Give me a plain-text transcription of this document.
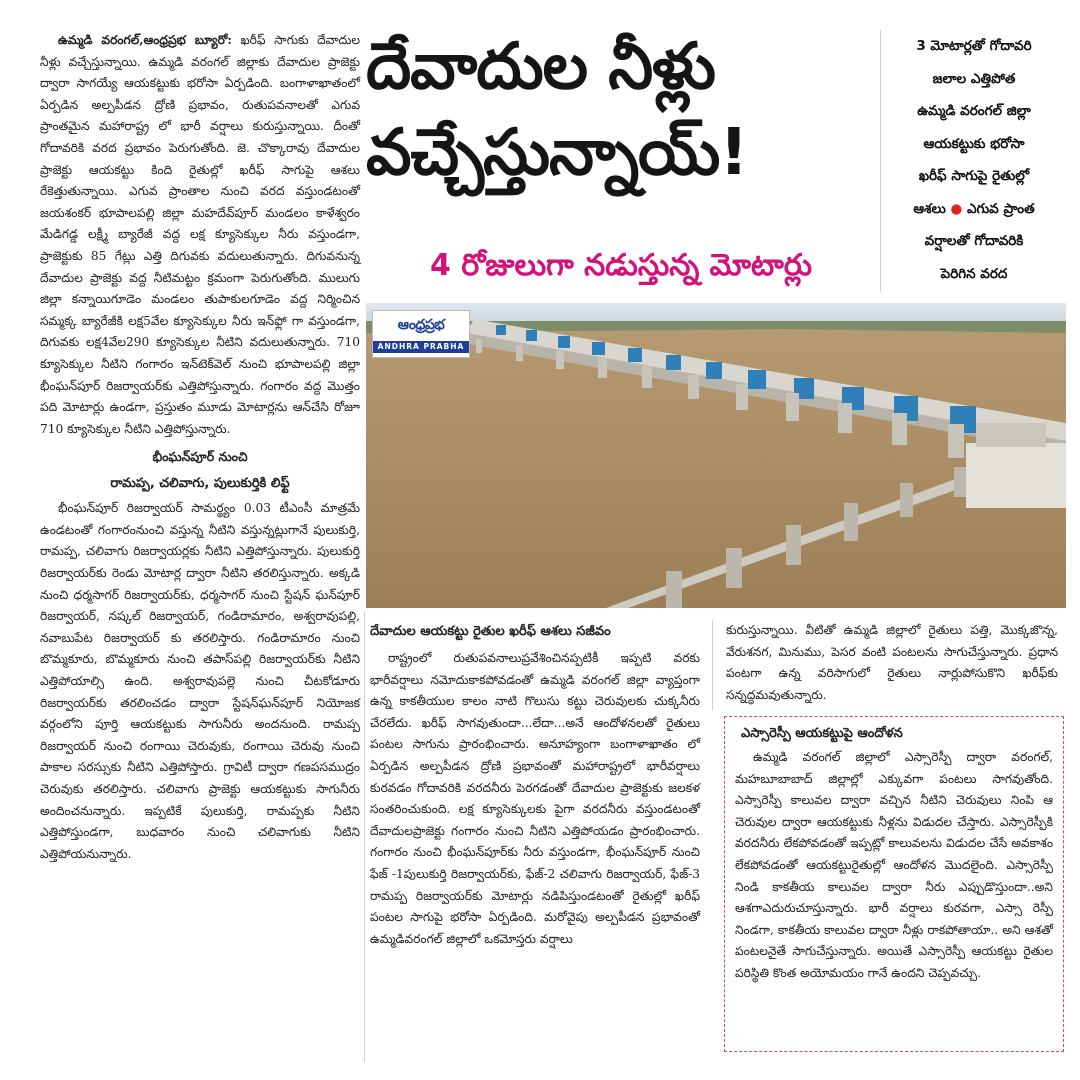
ఉమ్మడి వరంగల్,ఆంధ్రప్రభ బ్యూరో: ఖరీఫ్ సాగుకు దేవాదుల నీళ్లు వచ్చేస్తున్నాయి. ఉమ్మడి వరంగల్ జిల్లాకు దేవాదుల ప్రాజెక్టు ద్వారా సాగయ్యే ఆయకట్టుకు భరోసా ఏర్పడింది. బంగాళాఖాతంలో ఏర్పడిన అల్పపీడన ద్రోణి ప్రభావం, రుతుపవనాలతో ఎగువ ప్రాంతమైన మహారాష్ట్ర లో భారీ వర్షాలు కురుస్తున్నాయి. దీంతో గోదావరికి వరద ప్రభావం పెరుగుతోంది. జె. చొక్కారావు దేవాదుల ప్రాజెక్టు ఆయకట్టు కింది రైతుల్లో ఖరీఫ్ సాగుపై ఆశలు రేకెత్తుతున్నాయి. ఎగువ ప్రాంతాల నుంచి వరద వస్తుండటంతో జయశంకర్ భూపాలపల్లి జిల్లా మహదేవ్‌పూర్ మండలం కాళేశ్వరం మేడిగడ్డ లక్ష్మీ బ్యారేజీ వద్ద లక్ష క్యూసెక్కుల నీరు వస్తుండగా, ప్రాజెక్టుకు 85 గేట్లు ఎత్తి దిగువకు వదులుతున్నారు. దిగువనున్న దేవాదుల ప్రాజెక్టు వద్ద నీటిమట్టం క్రమంగా పెరుగుతోంది. ములుగు జిల్లా కన్నాయిగూడెం మండలం తుపాకులగూడెం వద్ద నిర్మించిన సమ్మక్క బ్యారేజీకి లక్ష5వేల క్యూసెక్కుల నీరు ఇన్‌ఫ్లో గా వస్తుండగా, దిగువకు లక్ష4వేల290 క్యూసెక్కుల నీటిని వదులుతున్నారు. 710 క్యూసెక్కుల నీటిని గంగారం ఇన్‌టెక్‌వెల్ నుంచి భూపాలపల్లి జిల్లా భీంఘన్‌పూర్ రిజర్వాయర్‌కు ఎత్తిపోస్తున్నారు. గంగారం వద్ద మొత్తం పది మోటార్లు ఉండగా, ప్రస్తుతం మూడు మోటార్లను ఆన్‌చేసి రోజూ 710 క్యూసెక్కుల నీటిని ఎత్తిపోస్తున్నారు.

భీంఘన్‌పూర్ నుంచి

రామప్ప, చలివాగు, పులుకుర్తికి లిఫ్ట్

భీంఘన్‌పూర్ రిజర్వాయర్ సామర్థ్యం 0.03 టీఎంసీ మాత్రమే ఉండటంతో గంగారంనుంచి వస్తున్న నీటిని వస్తున్నట్లుగానే పులుకుర్తి, రామప్ప, చలివాగు రిజర్వాయర్లకు నీటిని ఎత్తిపోస్తున్నారు. పులుకుర్తి రిజర్వాయర్‌కు రెండు మోటార్ల ద్వారా నీటిని తరలిస్తున్నారు. అక్కడి నుంచి ధర్మసాగర్ రిజర్వాయర్‌కు, ధర్మసాగర్ నుంచి స్టేషన్ ఘన్‌పూర్ రిజర్వాయర్, నష్కల్ రిజర్వాయర్, గండిరామారం, అశ్వరావుపల్లి, నవాబుపేట రిజర్వాయర్ కు తరలిస్తారు. గండిరామారం నుంచి బొమ్మకూరు, బొమ్మకూరు నుంచి తపాస్‌పల్లి రిజర్వాయర్‌కు నీటిని ఎత్తిపోయాల్సి ఉంది. అశ్వరావుపల్లె నుంచి చీటకోడూరు రిజర్వాయర్‌కు తరలించడం ద్వారా స్టేషన్‌ఘన్‌పూర్ నియోజక వర్గంలోని పూర్తి ఆయకట్టుకు సాగునీరు అందనుంది. రామప్ప రిజర్వాయర్ నుంచి రంగాయి చెరువుకు, రంగాయి చెరువు నుంచి పాకాల సరస్సుకు నీటిని ఎత్తిపోస్తారు. గ్రావిటీ ద్వారా గణపసముద్రం చెరువుకు తరలిస్తారు. చలివాగు ప్రాజెక్టు ఆయకట్టుకు సాగునీరు అందించనున్నారు. ఇప్పటికే పులుకుర్తి, రామప్పకు నీటిని ఎత్తిపోస్తుండగా, బుధవారం నుంచి చలివాగుకు నీటిని ఎత్తిపోయనున్నారు.

దేవాదుల నీళ్లు
వచ్చేస్తున్నాయ్!
4 రోజులుగా నడుస్తున్న మోటార్లు
3 మోటార్లతో గోదావరి
జలాల ఎత్తిపోత
ఉమ్మడి వరంగల్ జిల్లా
ఆయకట్టుకు భరోసా
ఖరీఫ్ సాగుపై రైతుల్లో
ఆశలు ● ఎగువ ప్రాంత
వర్షాలతో గోదావరికి
పెరిగిన వరద
ఆంధ్రప్రభ
ANDHRA PRABHA

దేవాదుల ఆయకట్టు రైతుల ఖరీఫ్ ఆశలు సజీవం

రాష్ట్రంలో రుతుపవనాలుప్రవేశించినప్పటికీ ఇప్పటి వరకు భారీవర్షాలు నమోదుకాకపోవడంతో ఉమ్మడి వరంగల్ జిల్లా వ్యాప్తంగా ఉన్న కాకతీయుల కాలం నాటి గొలుసు కట్టు చెరువులకు చుక్కనీరు చేరలేదు. ఖరీఫ్ సాగవుతుందా...లేదా...అనే ఆందోళనలతో రైతులు పంటల సాగును ప్రారంభించారు. అనూహ్యంగా బంగాళాఖాతం లో ఏర్పడిన అల్పపీడన ద్రోణి ప్రభావంతో మహారాష్ట్రలో భారీవర్షాలు కురవడం గోదావరికి వరదనీరు పెరగడంతో దేవాదుల ప్రాజెక్టుకు జలకళ సంతరించుకుంది. లక్ష క్యూసెక్కులకు పైగా వరదనీరు వస్తుండటంతో దేవాదులప్రాజెక్టు గంగారం నుంచి నీటిని ఎత్తిపోయడం ప్రారంభించారు. గంగారం నుంచి భీంఘన్‌పూర్‌కు నీరు వస్తుండగా, భీంఘన్‌పూర్ నుంచి ఫేజ్ -1పులుకుర్తి రిజర్వాయర్‌కు, ఫేజ్-2 చలివాగు రిజర్వాయర్, ఫేజ్-3 రామప్ప రిజర్వాయర్‌కు మోటార్లు నడిపిస్తుండటంతో రైతుల్లో ఖరీఫ్ పంటల సాగుపై భరోసా ఏర్పడింది. మరోవైపు అల్పపీడన ప్రభావంతో ఉమ్మడివరంగల్ జిల్లాలో ఒకమోస్తరు వర్షాలు

కురుస్తున్నాయి. వీటితో ఉమ్మడి జిల్లాలో రైతులు పత్తి, మొక్కజొన్న, వేరుశనగ, మినుము, పెసర వంటి పంటలను సాగుచేస్తున్నారు. ప్రధాన పంటగా ఉన్న వరిసాగులో రైతులు నార్లుపోసుకొని ఖరీఫ్‌కు సన్నద్ధమవుతున్నారు.

ఎస్సారెస్పీ ఆయకట్టుపై ఆందోళన

ఉమ్మడి వరంగల్ జిల్లాలో ఎస్సారెస్పీ ద్వారా వరంగల్, మహబూబాబాద్ జిల్లాల్లో ఎక్కువగా పంటలు సాగవుతోంది. ఎస్సారెస్పీ కాలువల ద్వారా వచ్చిన నీటిని చెరువులు నింపి ఆ చెరువుల ద్వారా ఆయకట్టుకు నీళ్లను విడుదల చేస్తారు. ఎస్సారెస్పీకి వరదనీరు లేకపోవడంతో ఇప్పట్లో కాలువలను విడుదల చేసే అవకాశం లేకపోవడంతో ఆయకట్టురైతుల్లో ఆందోళన మొదలైంది. ఎస్సారెస్పీ నిండి కాకతీయ కాలువల ద్వారా నీరు ఎప్పుడొస్తుందా..అని ఆశగాఎదురుచూస్తున్నారు. భారీ వర్షాలు కురవగా, ఎస్సా రెస్పీ నిండగా, కాకతీయ కాలువల ద్వారా నీళ్లు రాకపోతాయా.. అని ఆశతో పంటలనైతే సాగుచేస్తున్నారు. అయితే ఎస్సారెస్పీ ఆయకట్టు రైతుల పరిస్థితి కొంత అయోమయం గానే ఉందని చెప్పవచ్చు.
